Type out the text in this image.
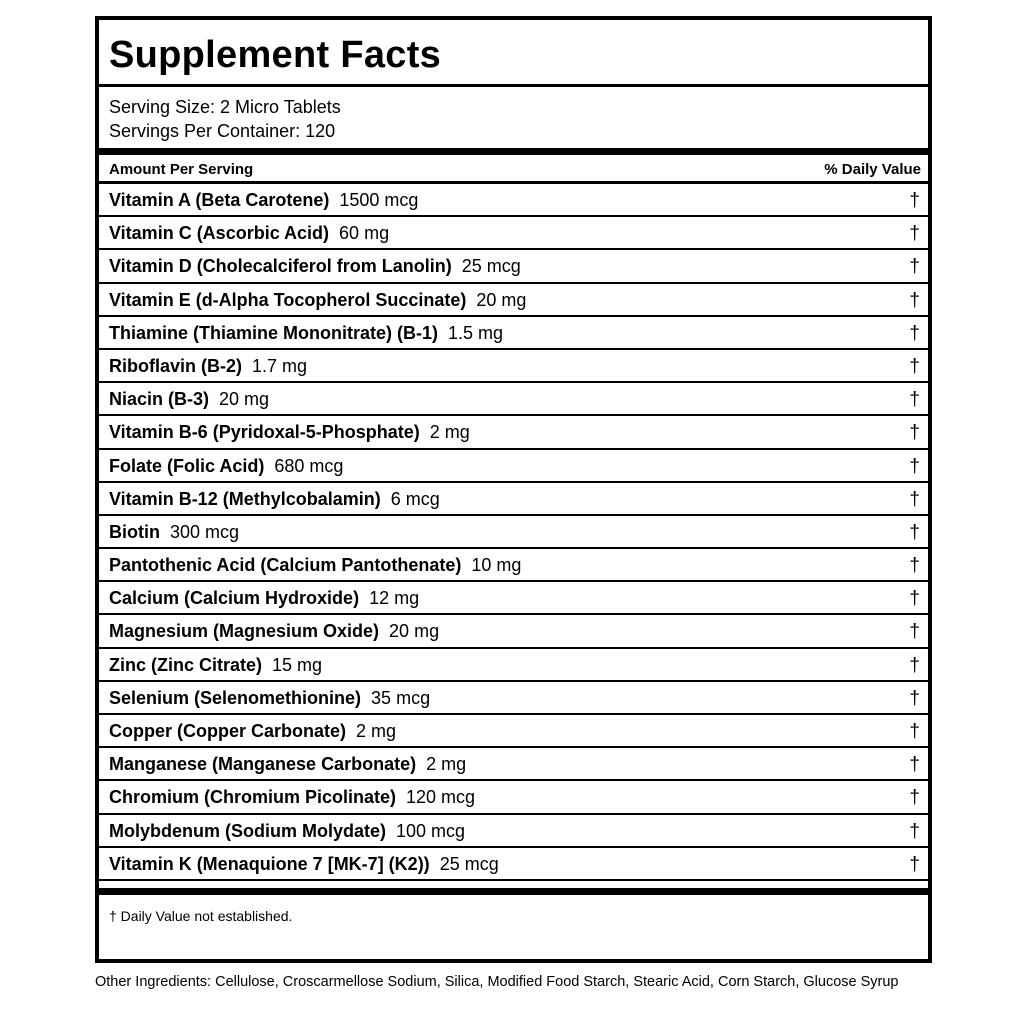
Supplement Facts
Serving Size: 2 Micro Tablets
Servings Per Container: 120
Amount Per Serving	% Daily Value
Vitamin A (Beta Carotene) 1500 mcg	†
Vitamin C (Ascorbic Acid) 60 mg	†
Vitamin D (Cholecalciferol from Lanolin) 25 mcg	†
Vitamin E (d-Alpha Tocopherol Succinate) 20 mg	†
Thiamine (Thiamine Mononitrate) (B-1) 1.5 mg	†
Riboflavin (B-2) 1.7 mg	†
Niacin (B-3) 20 mg	†
Vitamin B-6 (Pyridoxal-5-Phosphate) 2 mg	†
Folate (Folic Acid) 680 mcg	†
Vitamin B-12 (Methylcobalamin) 6 mcg	†
Biotin 300 mcg	†
Pantothenic Acid (Calcium Pantothenate) 10 mg	†
Calcium (Calcium Hydroxide) 12 mg	†
Magnesium (Magnesium Oxide) 20 mg	†
Zinc (Zinc Citrate) 15 mg	†
Selenium (Selenomethionine) 35 mcg	†
Copper (Copper Carbonate) 2 mg	†
Manganese (Manganese Carbonate) 2 mg	†
Chromium (Chromium Picolinate) 120 mcg	†
Molybdenum (Sodium Molydate) 100 mcg	†
Vitamin K (Menaquione 7 [MK-7] (K2)) 25 mcg	†
† Daily Value not established.
Other Ingredients: Cellulose, Croscarmellose Sodium, Silica, Modified Food Starch, Stearic Acid, Corn Starch, Glucose Syrup
